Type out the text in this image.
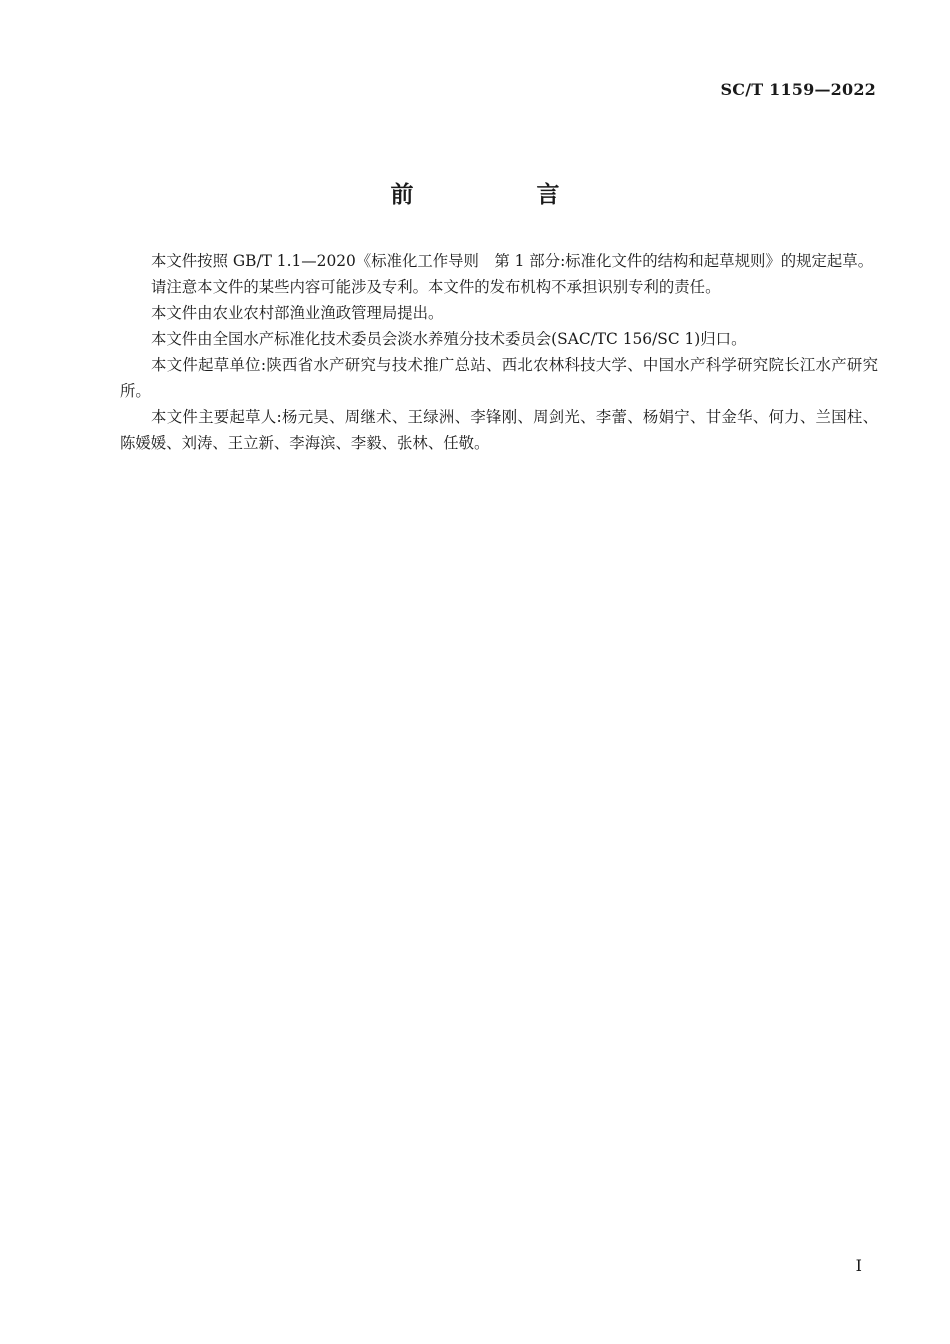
SC/T 1159—2022
前　言

本文件按照 GB/T 1.1—2020《标准化工作导则　第 1 部分:标准化文件的结构和起草规则》的规定起草。

请注意本文件的某些内容可能涉及专利。本文件的发布机构不承担识别专利的责任。

本文件由农业农村部渔业渔政管理局提出。

本文件由全国水产标准化技术委员会淡水养殖分技术委员会(SAC/TC 156/SC 1)归口。

本文件起草单位:陕西省水产研究与技术推广总站、西北农林科技大学、中国水产科学研究院长江水产研究所。

本文件主要起草人:杨元昊、周继术、王绿洲、李锋刚、周剑光、李蕾、杨娟宁、甘金华、何力、兰国柱、陈媛媛、刘涛、王立新、李海滨、李毅、张林、任敬。

I
